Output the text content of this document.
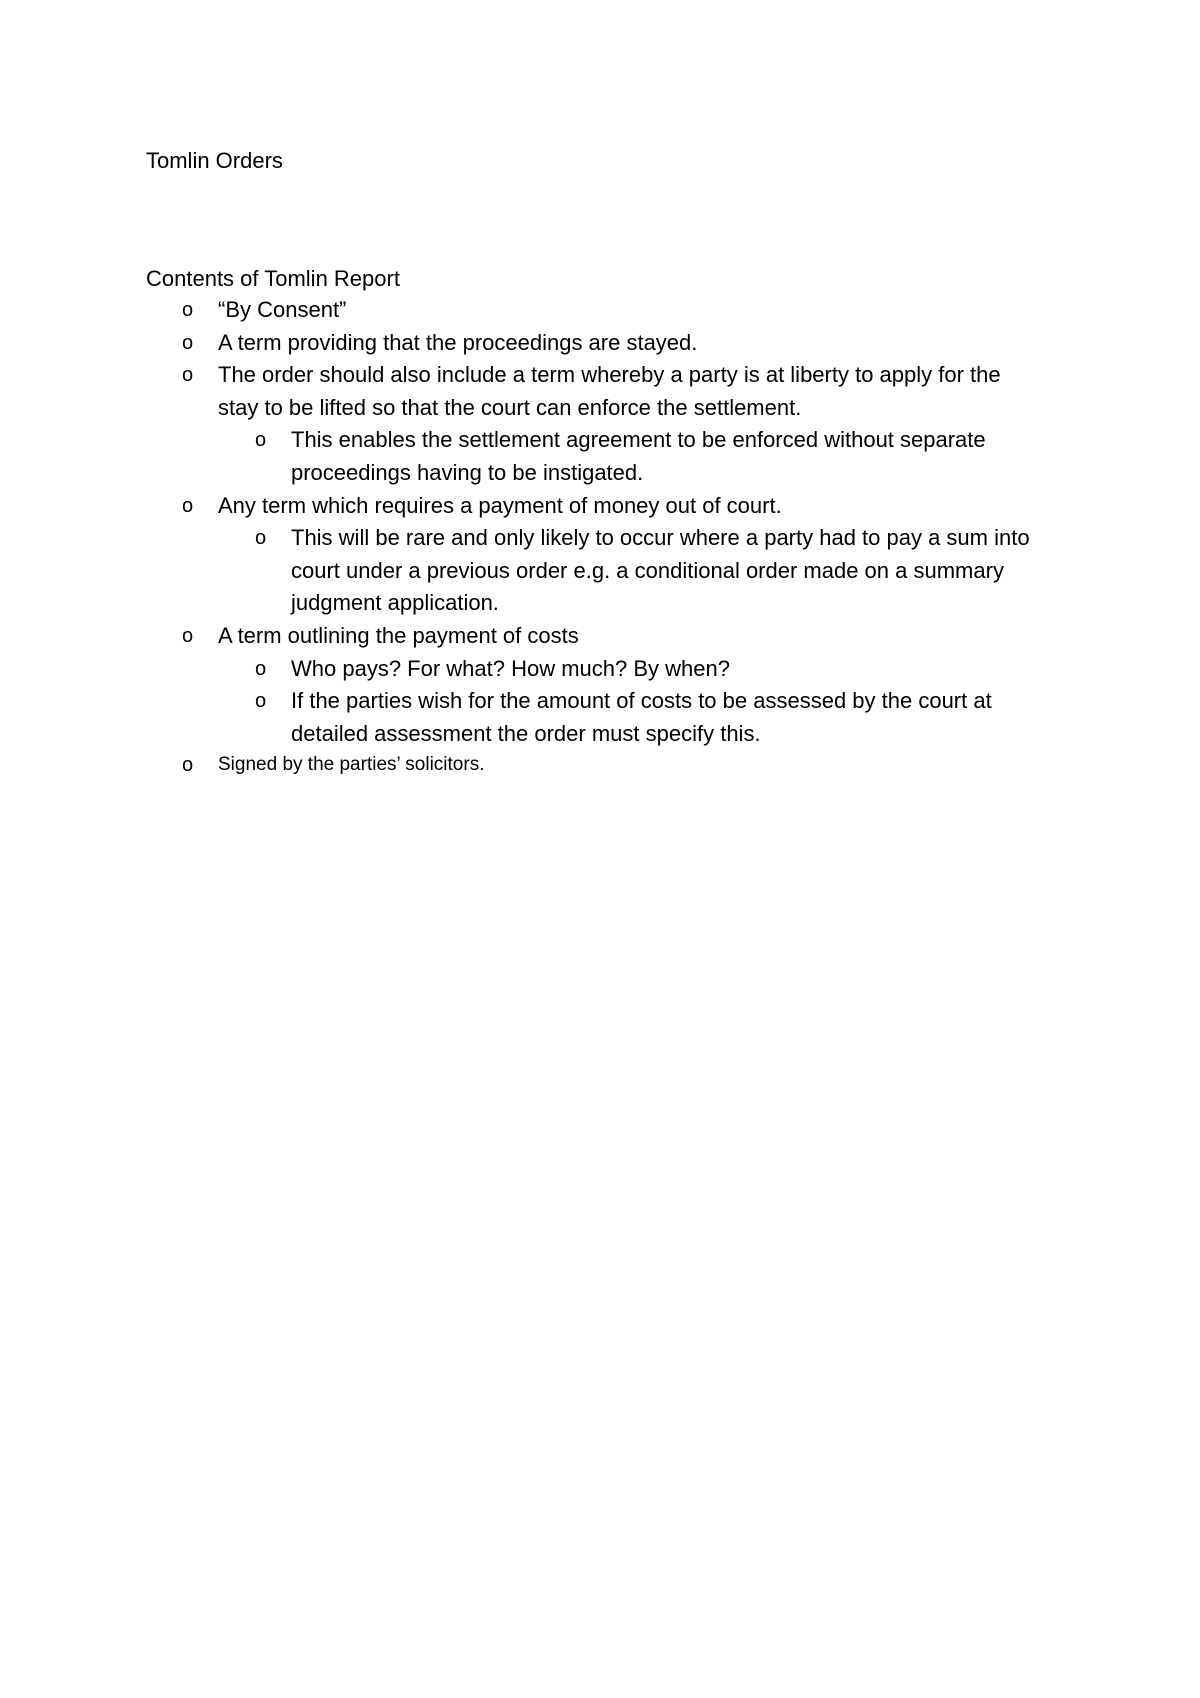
Tomlin Orders
Contents of Tomlin Report
o “By Consent”
o A term providing that the proceedings are stayed.
o The order should also include a term whereby a party is at liberty to apply for the stay to be lifted so that the court can enforce the settlement.
o This enables the settlement agreement to be enforced without separate proceedings having to be instigated.
o Any term which requires a payment of money out of court.
o This will be rare and only likely to occur where a party had to pay a sum into court under a previous order e.g. a conditional order made on a summary judgment application.
o A term outlining the payment of costs
o Who pays? For what? How much? By when?
o If the parties wish for the amount of costs to be assessed by the court at detailed assessment the order must specify this.
o Signed by the parties’ solicitors.
